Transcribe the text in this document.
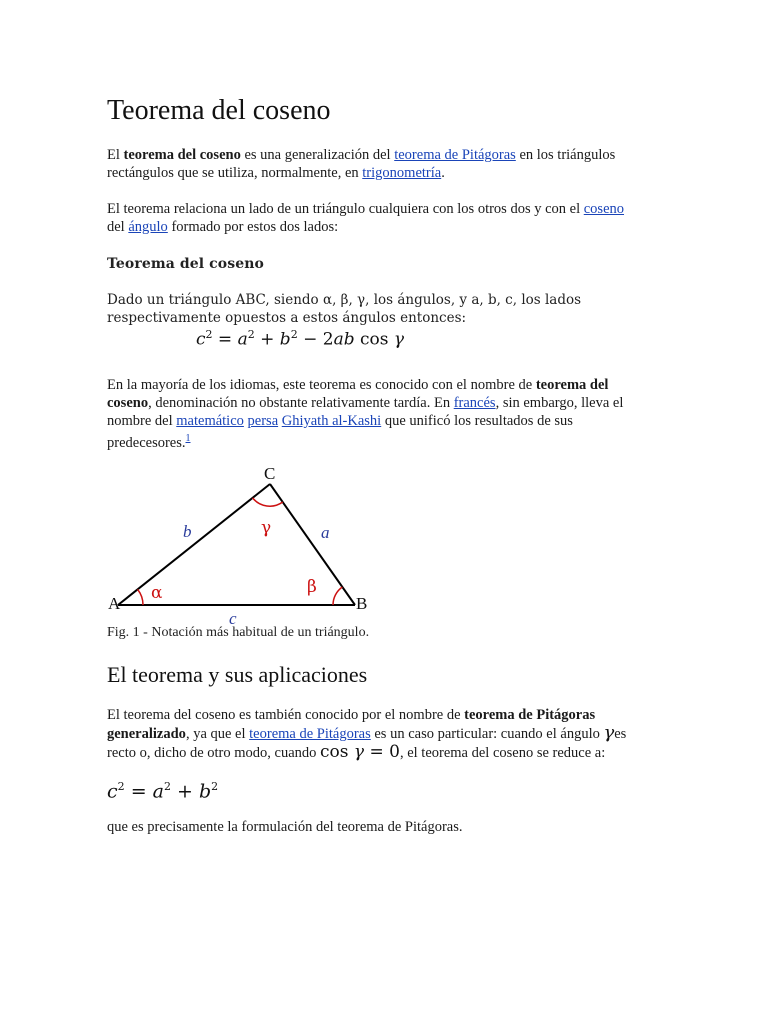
Teorema del coseno
El teorema del coseno es una generalización del teorema de Pitágoras en los triángulos
rectángulos que se utiliza, normalmente, en trigonometría.
El teorema relaciona un lado de un triángulo cualquiera con los otros dos y con el coseno
del ángulo formado por estos dos lados:
Teorema del coseno
Dado un triángulo ABC, siendo α, β, γ, los ángulos, y a, b, c, los lados
respectivamente opuestos a estos ángulos entonces:
$c^2 = a^2 + b^2 - 2ab$ cos γ
En la mayoría de los idiomas, este teorema es conocido con el nombre de teorema del
coseno, denominación no obstante relativamente tardía. En francés, sin embargo, lleva el
nombre del matemático persa Ghiyath al-Kashi que unificó los resultados de sus
predecesores.$^1$
A	B
C
a
b
c
α	β
γ
Fig. 1 - Notación más habitual de un triángulo.
El teorema y sus aplicaciones
El teorema del coseno es también conocido por el nombre de teorema de Pitágoras
generalizado, ya que el teorema de Pitágoras es un caso particular: cuando el ángulo γes
recto o, dicho de otro modo, cuando cos γ = 0, el teorema del coseno se reduce a:
$c^2 = a^2 + b^2$
que es precisamente la formulación del teorema de Pitágoras.
